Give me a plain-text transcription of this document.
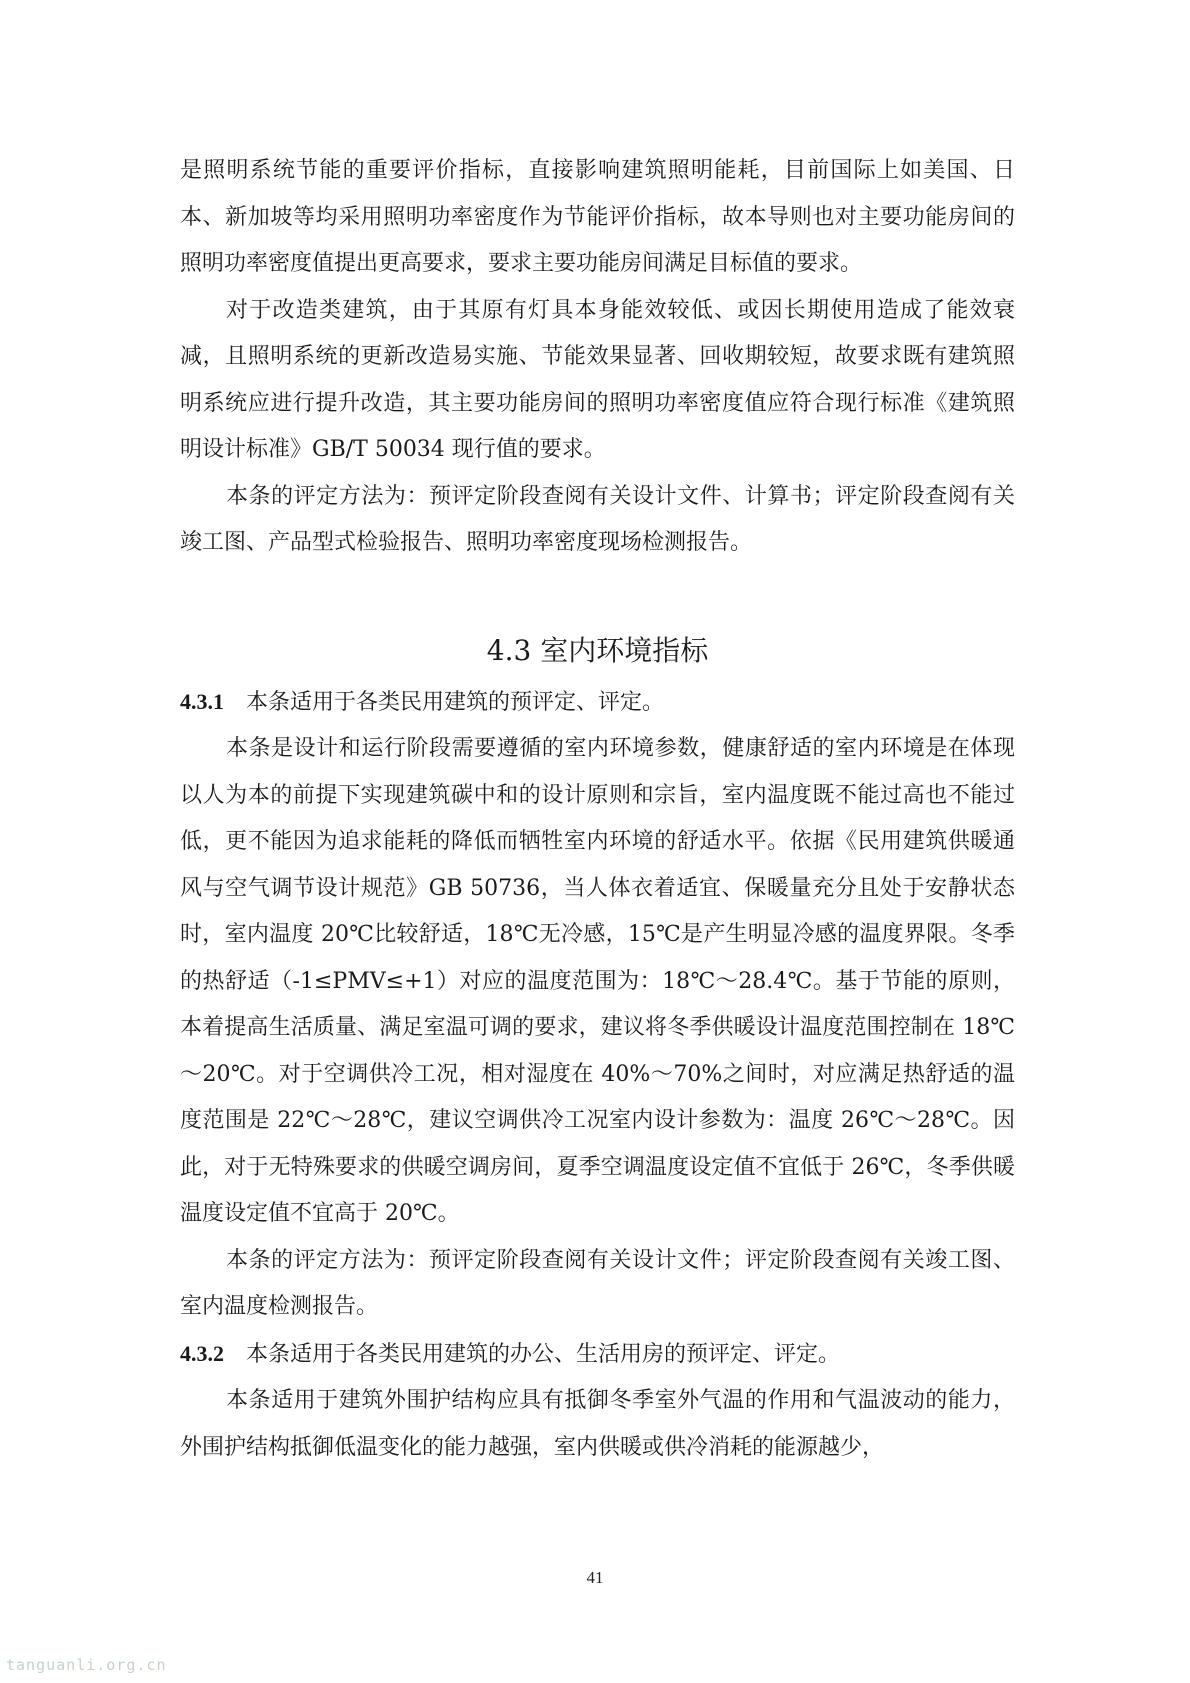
是照明系统节能的重要评价指标，直接影响建筑照明能耗，目前国际上如美国、日本、新加坡等均采用照明功率密度作为节能评价指标，故本导则也对主要功能房间的照明功率密度值提出更高要求，要求主要功能房间满足目标值的要求。

对于改造类建筑，由于其原有灯具本身能效较低、或因长期使用造成了能效衰减，且照明系统的更新改造易实施、节能效果显著、回收期较短，故要求既有建筑照明系统应进行提升改造，其主要功能房间的照明功率密度值应符合现行标准《建筑照明设计标准》GB/T 50034 现行值的要求。

本条的评定方法为：预评定阶段查阅有关设计文件、计算书；评定阶段查阅有关竣工图、产品型式检验报告、照明功率密度现场检测报告。

4.3 室内环境指标

4.3.1 本条适用于各类民用建筑的预评定、评定。

本条是设计和运行阶段需要遵循的室内环境参数，健康舒适的室内环境是在体现以人为本的前提下实现建筑碳中和的设计原则和宗旨，室内温度既不能过高也不能过低，更不能因为追求能耗的降低而牺牲室内环境的舒适水平。依据《民用建筑供暖通风与空气调节设计规范》GB 50736，当人体衣着适宜、保暖量充分且处于安静状态时，室内温度 20℃比较舒适，18℃无冷感，15℃是产生明显冷感的温度界限。冬季的热舒适（-1≤PMV≤+1）对应的温度范围为：18℃～28.4℃。基于节能的原则，本着提高生活质量、满足室温可调的要求，建议将冬季供暖设计温度范围控制在 18℃～20℃。对于空调供冷工况，相对湿度在 40%～70%之间时，对应满足热舒适的温度范围是 22℃～28℃，建议空调供冷工况室内设计参数为：温度 26℃～28℃。因此，对于无特殊要求的供暖空调房间，夏季空调温度设定值不宜低于 26℃，冬季供暖温度设定值不宜高于 20℃。

本条的评定方法为：预评定阶段查阅有关设计文件；评定阶段查阅有关竣工图、室内温度检测报告。

4.3.2 本条适用于各类民用建筑的办公、生活用房的预评定、评定。

本条适用于建筑外围护结构应具有抵御冬季室外气温的作用和气温波动的能力，外围护结构抵御低温变化的能力越强，室内供暖或供冷消耗的能源越少，

41
tanguanli.org.cn
